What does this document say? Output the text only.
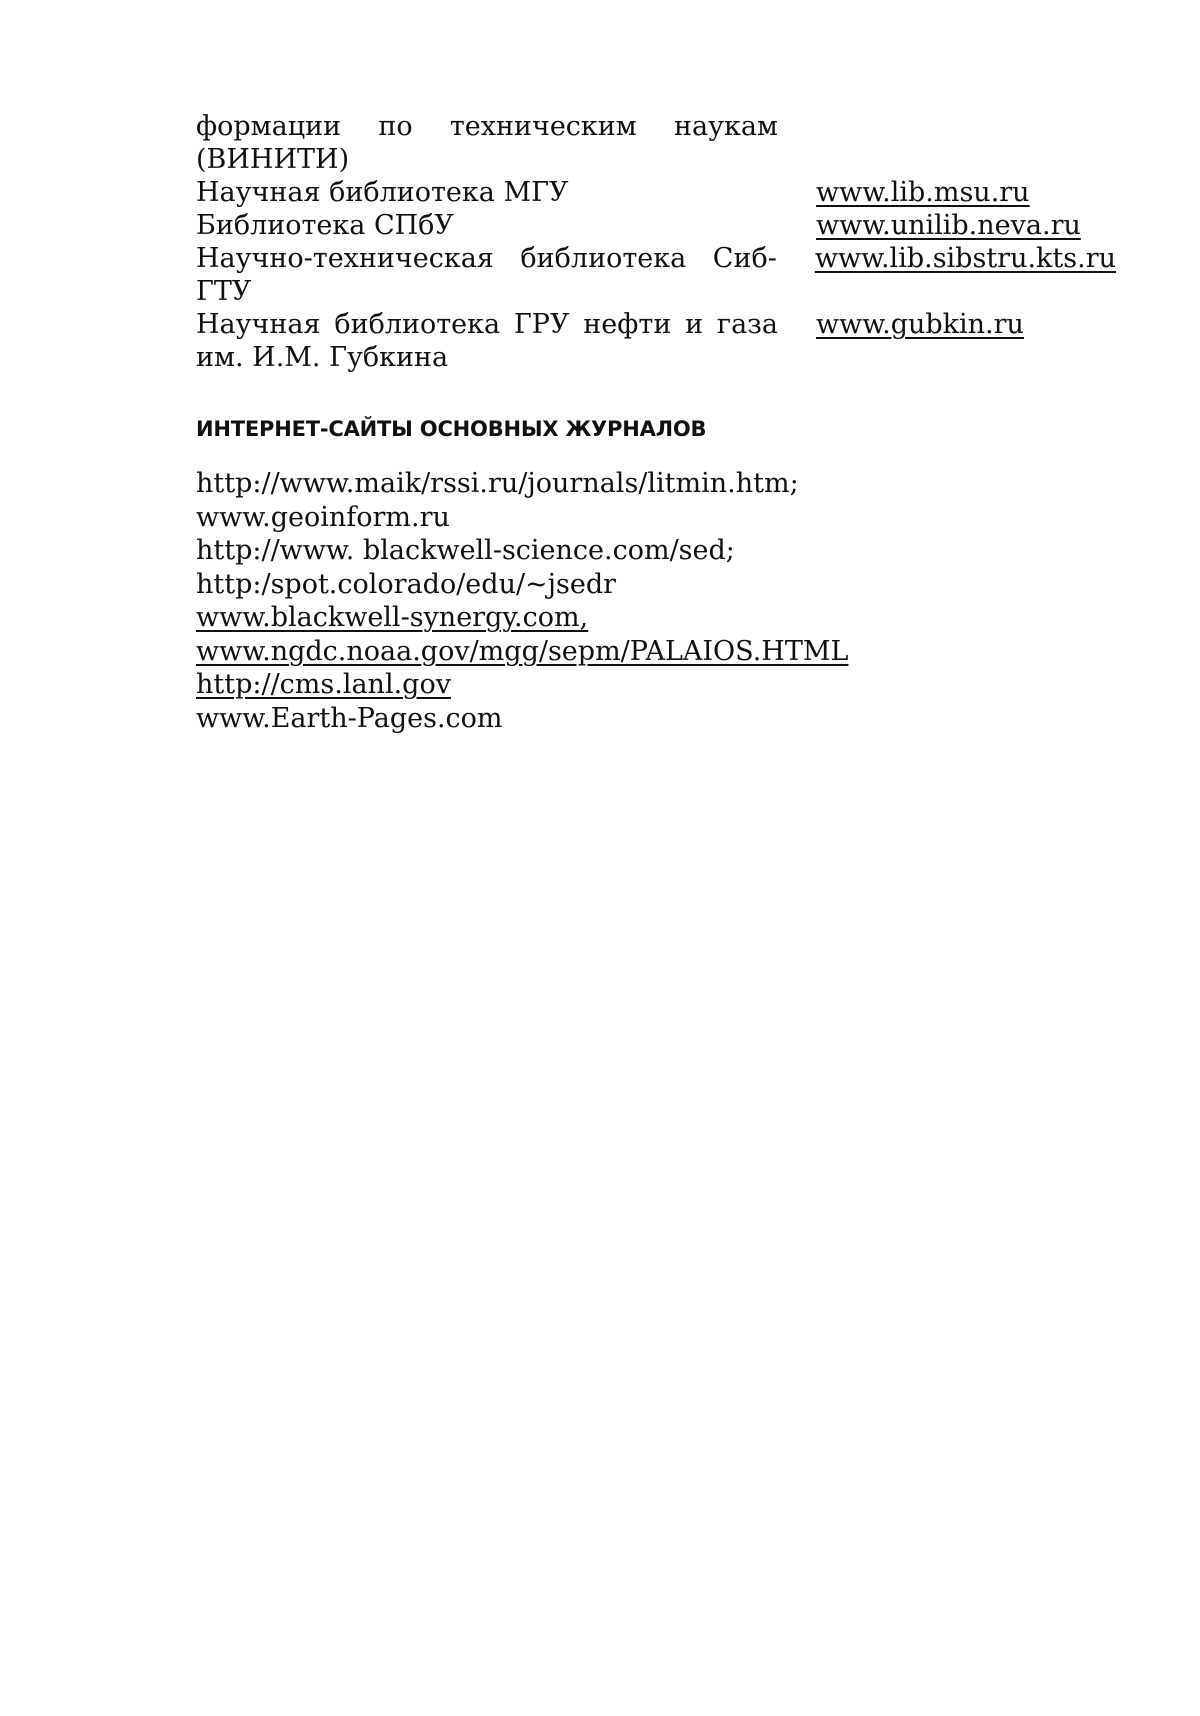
формации по техническим наукам
(ВИНИТИ)
Научная библиотека МГУ	www.lib.msu.ru
Библиотека СПбУ	www.unilib.neva.ru
Научно-техническая библиотека Сиб-
ГТУ
www.lib.sibstru.kts.ru
Научная библиотека ГРУ нефти и газа
им. И.М. Губкина
www.gubkin.ru
ИНТЕРНЕТ-САЙТЫ ОСНОВНЫХ ЖУРНАЛОВ
http://www.maik/rssi.ru/journals/litmin.htm;
www.geoinform.ru
http://www. blackwell-science.com/sed;
http:/spot.colorado/edu/~jsedr
www.blackwell-synergy.com,
www.ngdc.noaa.gov/mgg/sepm/PALAIOS.HTML
http://cms.lanl.gov
www.Earth-Pages.com
